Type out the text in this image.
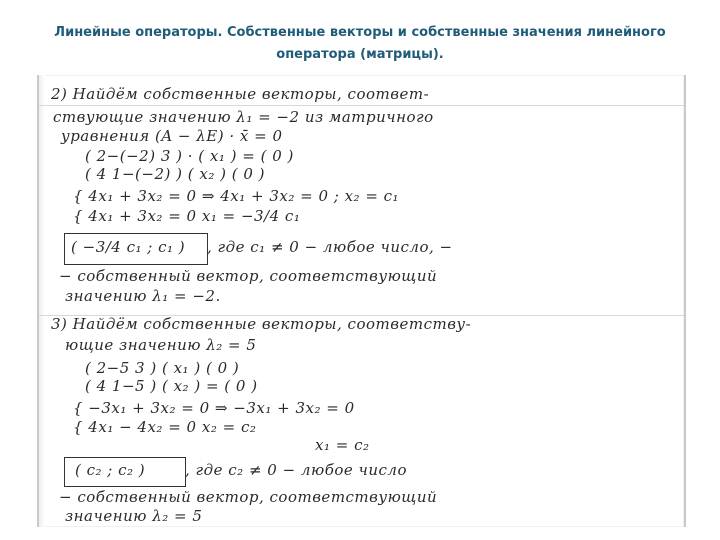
Линейные операторы. Собственные векторы и собственные значения линейного оператора (матрицы).
2) Найдём собственные векторы, соответ-
ствующие значению λ₁ = −2 из матричного
уравнения (A − λE) · x̄ = 0
( 2−(−2) 3 ) · ( x₁ ) = ( 0 )
( 4 1−(−2) ) ( x₂ ) ( 0 )
{ 4x₁ + 3x₂ = 0 ⇒ 4x₁ + 3x₂ = 0 ; x₂ = c₁
{ 4x₁ + 3x₂ = 0 x₁ = −3/4 c₁
( −3/4 c₁ ; c₁ ) , где c₁ ≠ 0 − любое число, −
− собственный вектор, соответствующий
значению λ₁ = −2.
3) Найдём собственные векторы, соответству-
ющие значению λ₂ = 5
( 2−5 3 ) ( x₁ ) ( 0 )
( 4 1−5 ) ( x₂ ) = ( 0 )
{ −3x₁ + 3x₂ = 0 ⇒ −3x₁ + 3x₂ = 0
{ 4x₁ − 4x₂ = 0 x₂ = c₂
x₁ = c₂
( c₂ ; c₂ )	, где c₂ ≠ 0 − любое число
− собственный вектор, соответствующий
значению λ₂ = 5
